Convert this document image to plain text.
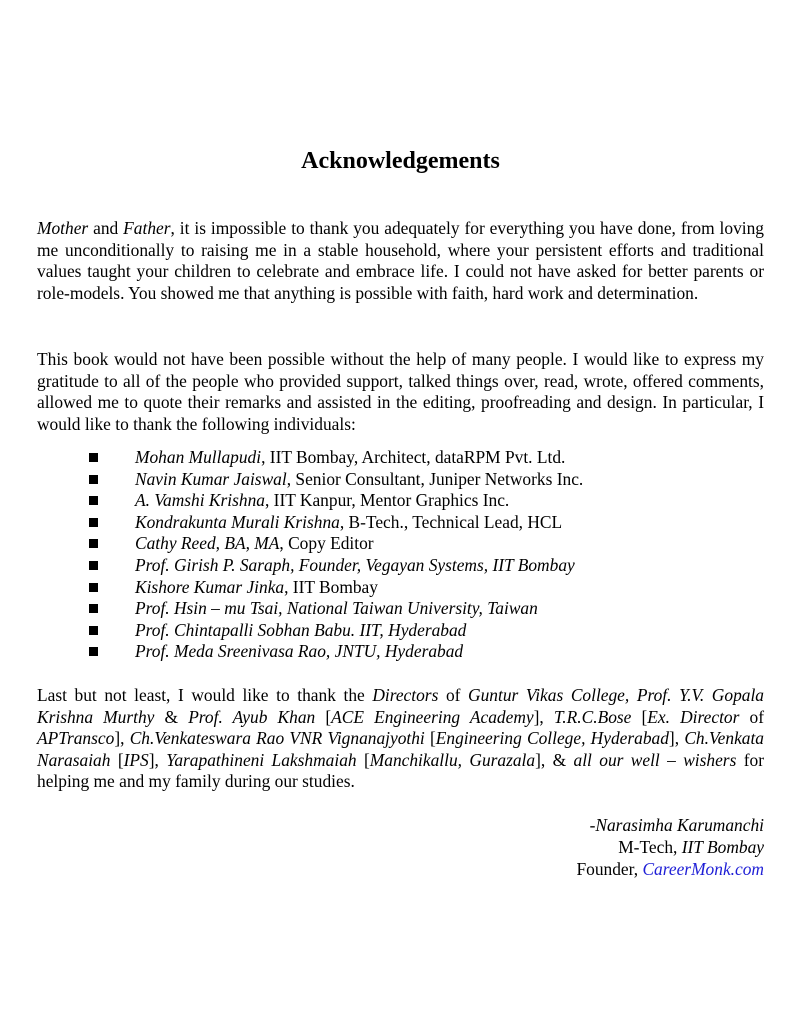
Acknowledgements

Mother and Father, it is impossible to thank you adequately for everything you have done, from loving me unconditionally to raising me in a stable household, where your persistent efforts and traditional values taught your children to celebrate and embrace life. I could not have asked for better parents or role-models. You showed me that anything is possible with faith, hard work and determination.

This book would not have been possible without the help of many people. I would like to express my gratitude to all of the people who provided support, talked things over, read, wrote, offered comments, allowed me to quote their remarks and assisted in the editing, proofreading and design. In particular, I would like to thank the following individuals:

Mohan Mullapudi, IIT Bombay, Architect, dataRPM Pvt. Ltd.
Navin Kumar Jaiswal, Senior Consultant, Juniper Networks Inc.
A. Vamshi Krishna, IIT Kanpur, Mentor Graphics Inc.
Kondrakunta Murali Krishna, B-Tech., Technical Lead, HCL
Cathy Reed, BA, MA, Copy Editor
Prof. Girish P. Saraph, Founder, Vegayan Systems, IIT Bombay
Kishore Kumar Jinka, IIT Bombay
Prof. Hsin – mu Tsai, National Taiwan University, Taiwan
Prof. Chintapalli Sobhan Babu. IIT, Hyderabad
Prof. Meda Sreenivasa Rao, JNTU, Hyderabad

Last but not least, I would like to thank the Directors of Guntur Vikas College, Prof. Y.V. Gopala Krishna Murthy & Prof. Ayub Khan [ACE Engineering Academy], T.R.C.Bose [Ex. Director of APTransco], Ch.Venkateswara Rao VNR Vignanajyothi [Engineering College, Hyderabad], Ch.Venkata Narasaiah [IPS], Yarapathineni Lakshmaiah [Manchikallu, Gurazala], & all our well – wishers for helping me and my family during our studies.

-Narasimha Karumanchi
M-Tech, IIT Bombay
Founder, CareerMonk.com
